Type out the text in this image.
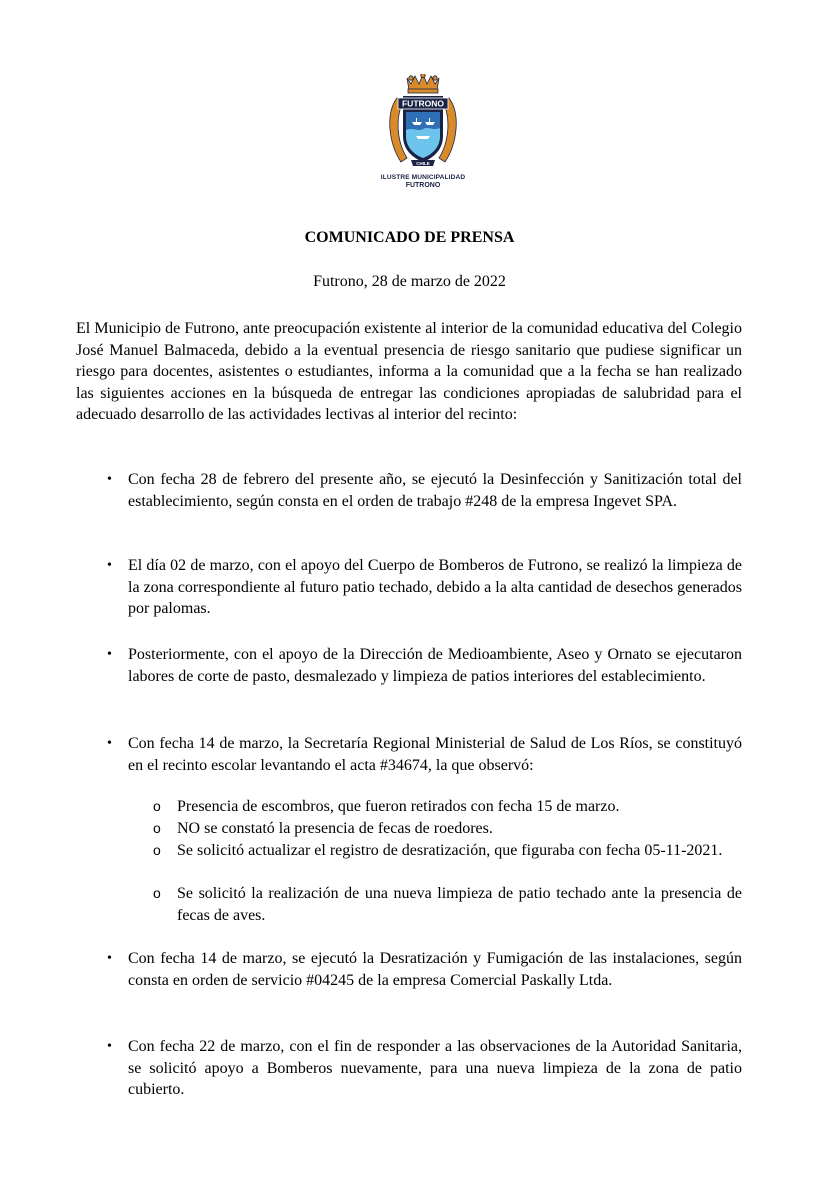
FUTRONO
CHILE
ILUSTRE MUNICIPALIDAD
FUTRONO
COMUNICADO DE PRENSA
Futrono, 28 de marzo de 2022
El Municipio de Futrono, ante preocupación existente al interior de la comunidad educativa del Colegio José Manuel Balmaceda, debido a la eventual presencia de riesgo sanitario que pudiese significar un riesgo para docentes, asistentes o estudiantes, informa a la comunidad que a la fecha se han realizado las siguientes acciones en la búsqueda de entregar las condiciones apropiadas de salubridad para el adecuado desarrollo de las actividades lectivas al interior del recinto:
• Con fecha 28 de febrero del presente año, se ejecutó la Desinfección y Sanitización total del establecimiento, según consta en el orden de trabajo #248 de la empresa Ingevet SPA.
• El día 02 de marzo, con el apoyo del Cuerpo de Bomberos de Futrono, se realizó la limpieza de la zona correspondiente al futuro patio techado, debido a la alta cantidad de desechos generados por palomas.
• Posteriormente, con el apoyo de la Dirección de Medioambiente, Aseo y Ornato se ejecutaron labores de corte de pasto, desmalezado y limpieza de patios interiores del establecimiento.
• Con fecha 14 de marzo, la Secretaría Regional Ministerial de Salud de Los Ríos, se constituyó en el recinto escolar levantando el acta #34674, la que observó:
o Presencia de escombros, que fueron retirados con fecha 15 de marzo.
o NO se constató la presencia de fecas de roedores.
o Se solicitó actualizar el registro de desratización, que figuraba con fecha 05-11-2021.
o Se solicitó la realización de una nueva limpieza de patio techado ante la presencia de fecas de aves.
• Con fecha 14 de marzo, se ejecutó la Desratización y Fumigación de las instalaciones, según consta en orden de servicio #04245 de la empresa Comercial Paskally Ltda.
• Con fecha 22 de marzo, con el fin de responder a las observaciones de la Autoridad Sanitaria, se solicitó apoyo a Bomberos nuevamente, para una nueva limpieza de la zona de patio cubierto.
